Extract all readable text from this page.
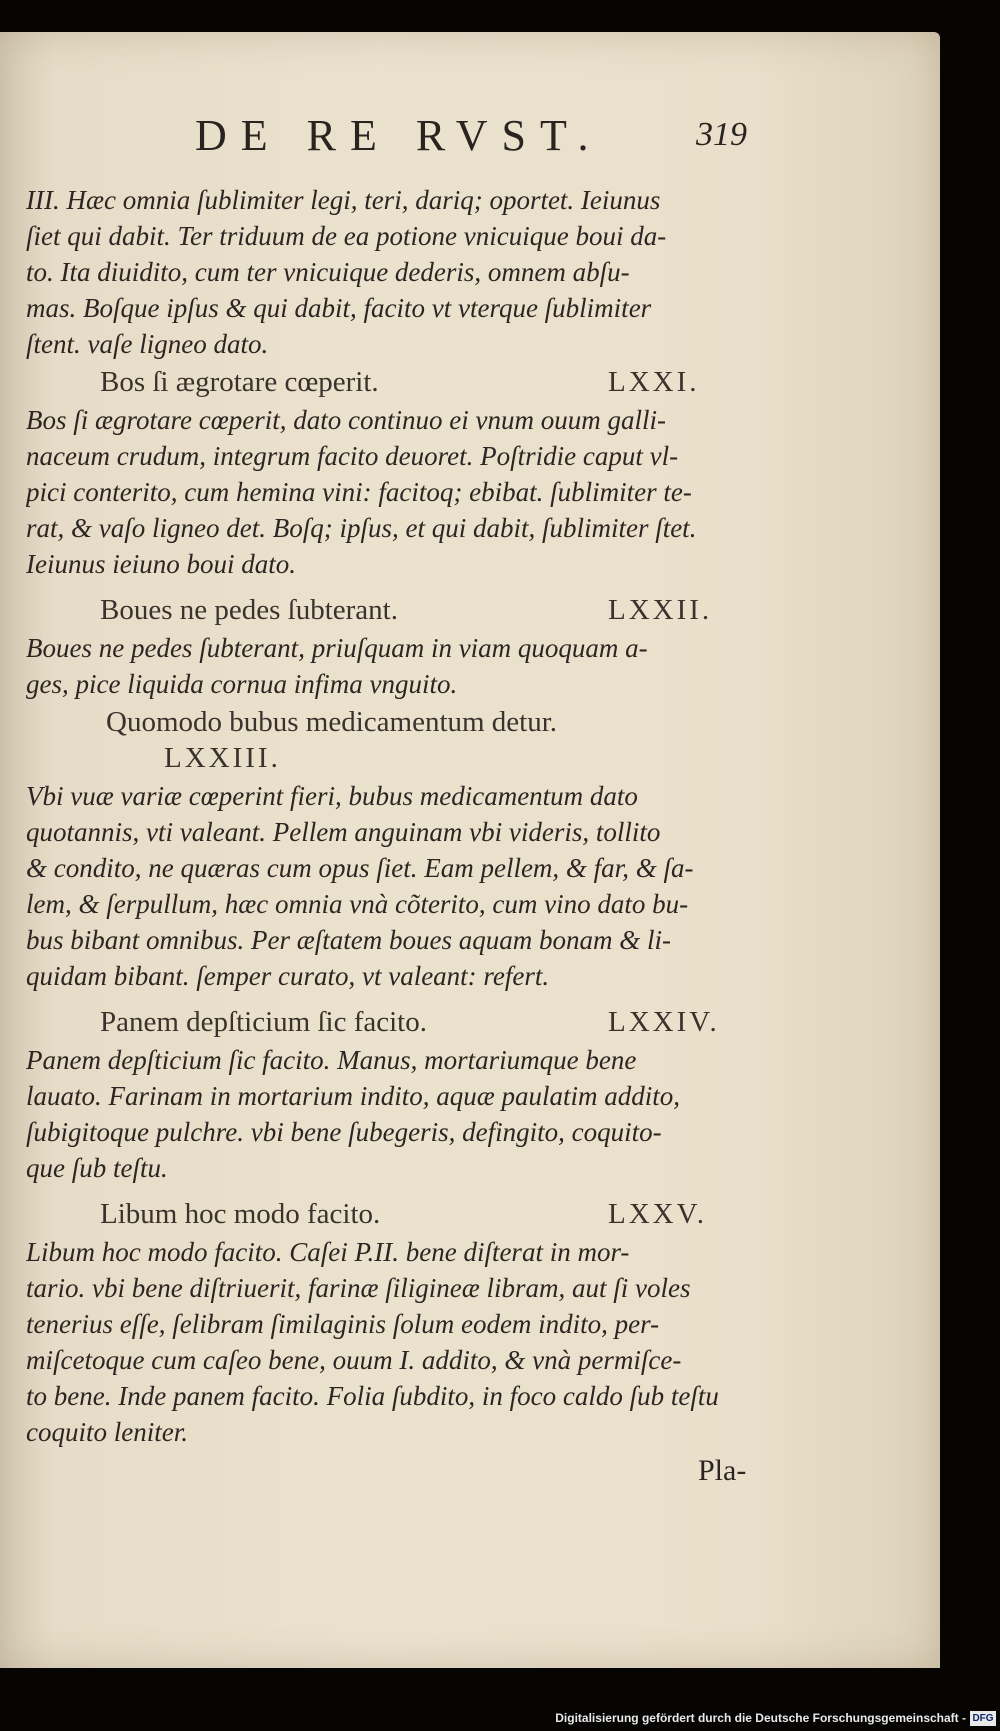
DE RE RVST.	319
III. Hæc omnia ſublimiter legi, teri, dariq; oportet. Ieiunus
ſiet qui dabit. Ter triduum de ea potione vnicuique boui da-
to. Ita diuidito, cum ter vnicuique dederis, omnem abſu-
mas. Boſque ipſus & qui dabit, facito vt vterque ſublimiter
ſtent. vaſe ligneo dato.
Bos ſi ægrotare cœperit.	LXXI.
Bos ſi ægrotare cœperit, dato continuo ei vnum ouum galli-
naceum crudum, integrum facito deuoret. Poſtridie caput vl-
pici conterito, cum hemina vini: facitoq; ebibat. ſublimiter te-
rat, & vaſo ligneo det. Boſq; ipſus, et qui dabit, ſublimiter ſtet.
Ieiunus ieiuno boui dato.
Boues ne pedes ſubterant.	LXXII.
Boues ne pedes ſubterant, priuſquam in viam quoquam a-
ges, pice liquida cornua infima vnguito.
Quomodo bubus medicamentum detur.
LXXIII.
Vbi vuæ variæ cœperint fieri, bubus medicamentum dato
quotannis, vti valeant. Pellem anguinam vbi videris, tollito
& condito, ne quæras cum opus ſiet. Eam pellem, & far, & ſa-
lem, & ſerpullum, hæc omnia vnà cõterito, cum vino dato bu-
bus bibant omnibus. Per æſtatem boues aquam bonam & li-
quidam bibant. ſemper curato, vt valeant: refert.
Panem depſticium ſic facito.	LXXIV.
Panem depſticium ſic facito. Manus, mortariumque bene
lauato. Farinam in mortarium indito, aquæ paulatim addito,
ſubigitoque pulchre. vbi bene ſubegeris, defingito, coquito-
que ſub teſtu.
Libum hoc modo facito.	LXXV.
Libum hoc modo facito. Caſei P.II. bene diſterat in mor-
tario. vbi bene diſtriuerit, farinæ ſiligineæ libram, aut ſi voles
tenerius eſſe, ſelibram ſimilaginis ſolum eodem indito, per-
miſcetoque cum caſeo bene, ouum I. addito, & vnà permiſce-
to bene. Inde panem facito. Folia ſubdito, in foco caldo ſub teſtu
coquito leniter.
Pla-
Digitalisierung gefördert durch die Deutsche Forschungsgemeinschaft - DFG
